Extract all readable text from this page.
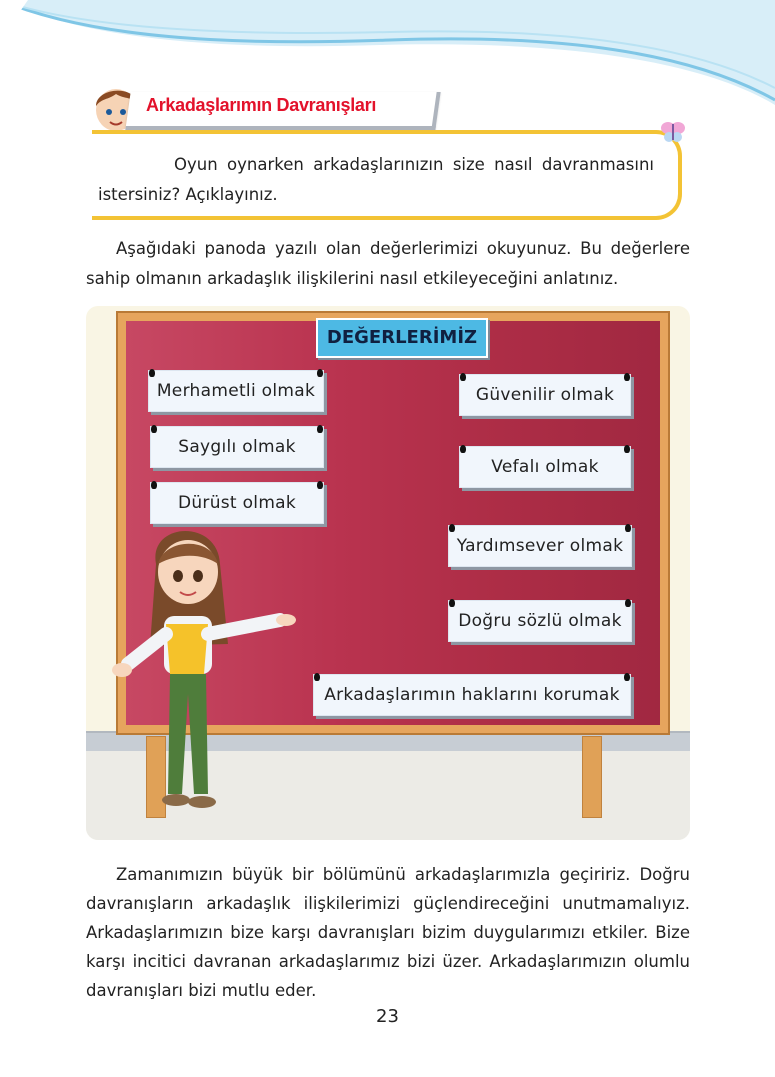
Arkadaşlarımın Davranışları
Oyun oynarken arkadaşlarınızın size nasıl davranmasını istersiniz? Açıklayınız.
Aşağıdaki panoda yazılı olan değerlerimizi okuyunuz. Bu değerlere sahip olmanın arkadaşlık ilişkilerini nasıl etkileyeceğini anlatınız.
DEĞERLERİMİZ
Merhametli olmak
Saygılı olmak
Dürüst olmak
Güvenilir olmak
Vefalı olmak
Yardımsever olmak
Doğru sözlü olmak
Arkadaşlarımın haklarını korumak
Zamanımızın büyük bir bölümünü arkadaşlarımızla geçiririz. Doğru davranışların arkadaşlık ilişkilerimizi güçlendireceğini unutmamalıyız. Arkadaşlarımızın bize karşı davranışları bizim duygularımızı etkiler. Bize karşı incitici davranan arkadaşlarımız bizi üzer. Arkadaşlarımızın olumlu davranışları bizi mutlu eder.
23
